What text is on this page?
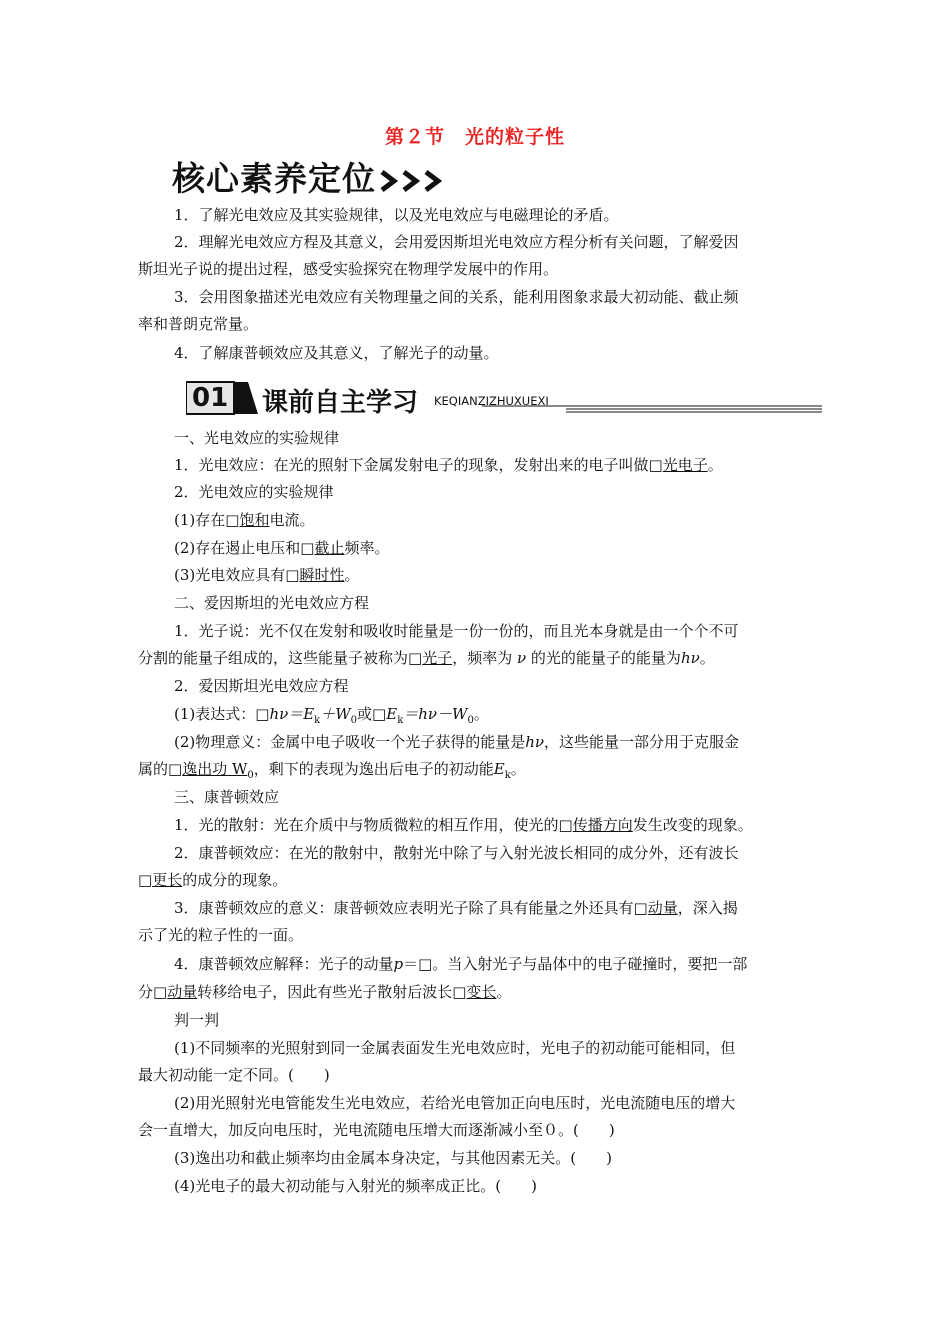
第２节　光的粒子性
核心素养定位
1．了解光电效应及其实验规律，以及光电效应与电磁理论的矛盾。
2．理解光电效应方程及其意义，会用爱因斯坦光电效应方程分析有关问题，了解爱因
斯坦光子说的提出过程，感受实验探究在物理学发展中的作用。
3．会用图象描述光电效应有关物理量之间的关系，能利用图象求最大初动能、截止频
率和普朗克常量。
4．了解康普顿效应及其意义，了解光子的动量。
01 课前自主学习 KEQIANZIZHUXUEXI
一、光电效应的实验规律
1．光电效应：在光的照射下金属发射电子的现象，发射出来的电子叫做□光电子。
2．光电效应的实验规律
(1)存在□饱和电流。
(2)存在遏止电压和□截止频率。
(3)光电效应具有□瞬时性。
二、爱因斯坦的光电效应方程
1．光子说：光不仅在发射和吸收时能量是一份一份的，而且光本身就是由一个个不可
分割的能量子组成的，这些能量子被称为□光子，频率为 ν 的光的能量子的能量为hν。
2．爱因斯坦光电效应方程
(1)表达式：$□h\nu=E_k+W_0$或$□E_k=h\nu-W_0$。
(2)物理意义：金属中电子吸收一个光子获得的能量是hν，这些能量一部分用于克服金
属的□逸出功 $W_0$，剩下的表现为逸出后电子的初动能$E_k$。
三、康普顿效应
1．光的散射：光在介质中与物质微粒的相互作用，使光的□传播方向发生改变的现象。
2．康普顿效应：在光的散射中，散射光中除了与入射光波长相同的成分外，还有波长
□更长的成分的现象。
3．康普顿效应的意义：康普顿效应表明光子除了具有能量之外还具有□动量，深入揭
示了光的粒子性的一面。
4．康普顿效应解释：光子的动量p＝□。当入射光子与晶体中的电子碰撞时，要把一部
分□动量转移给电子，因此有些光子散射后波长□变长。
判一判
(1)不同频率的光照射到同一金属表面发生光电效应时，光电子的初动能可能相同，但
最大初动能一定不同。(　　)
(2)用光照射光电管能发生光电效应，若给光电管加正向电压时，光电流随电压的增大
会一直增大，加反向电压时，光电流随电压增大而逐渐减小至０。(　　)
(3)逸出功和截止频率均由金属本身决定，与其他因素无关。(　　)
(4)光电子的最大初动能与入射光的频率成正比。(　　)
